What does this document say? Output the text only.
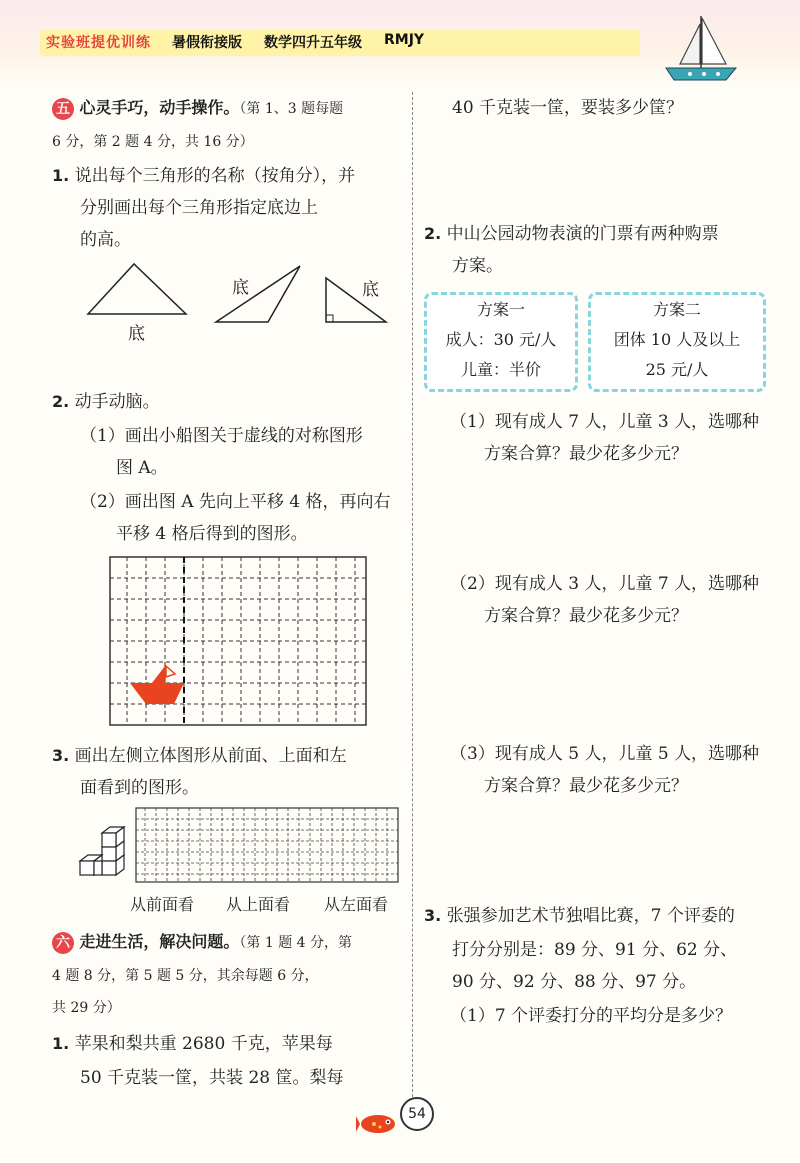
实验班提优训练 暑假衔接版 数学四升五年级 RMJY
五 心灵手巧，动手操作。（第 1、3 题每题
6 分，第 2 题 4 分，共 16 分）
1. 说出每个三角形的名称（按角分），并
分别画出每个三角形指定底边上
的高。
底
底	底
2. 动手动脑。
（1）画出小船图关于虚线的对称图形
图 A。
（2）画出图 A 先向上平移 4 格，再向右
平移 4 格后得到的图形。
3. 画出左侧立体图形从前面、上面和左
面看到的图形。
从前面看 从上面看 从左面看
六 走进生活，解决问题。（第 1 题 4 分，第
4 题 8 分，第 5 题 5 分，其余每题 6 分，
共 29 分）
1. 苹果和梨共重 2680 千克，苹果每
50 千克装一筐，共装 28 筐。梨每
40 千克装一筐，要装多少筐？
2. 中山公园动物表演的门票有两种购票
方案。
方案一
成人：30 元/人
儿童：半价
方案二
团体 10 人及以上
25 元/人
（1）现有成人 7 人，儿童 3 人，选哪种
方案合算？最少花多少元？
（2）现有成人 3 人，儿童 7 人，选哪种
方案合算？最少花多少元？
（3）现有成人 5 人，儿童 5 人，选哪种
方案合算？最少花多少元？
3. 张强参加艺术节独唱比赛，7 个评委的
打分分别是：89 分、91 分、62 分、
90 分、92 分、88 分、97 分。
（1）7 个评委打分的平均分是多少？
54
